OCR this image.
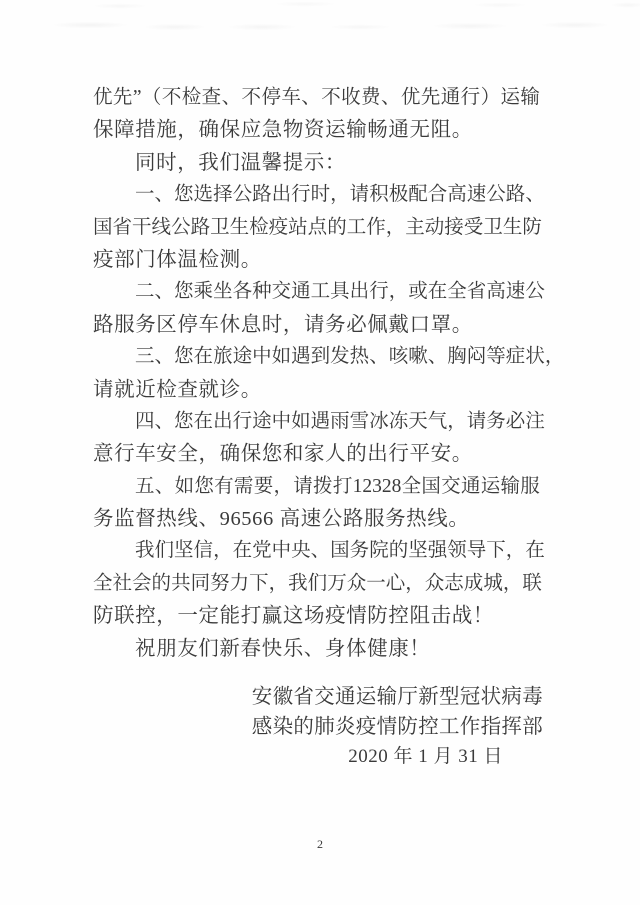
优 先 ” （ 不 检 查 、 不 停 车 、 不 收 费 、 优 先 通 行 ） 运 输
保障措施，确保应急物资运输畅通无阻。
同时，我们温馨提示：
一 、 您 选 择 公 路 出 行 时 ， 请 积 极 配 合 高 速 公 路 、
国 省 干 线 公 路 卫 生 检 疫 站 点 的 工 作 ， 主 动 接 受 卫 生 防
疫部门体温检测。
二 、 您 乘 坐 各 种 交 通 工 具 出 行 ， 或 在 全 省 高 速 公
路服务区停车休息时，请务必佩戴口罩。
三 、 您 在 旅 途 中 如 遇 到 发 热 、 咳 嗽 、 胸 闷 等 症 状 ，
请就近检查就诊。
四 、 您 在 出 行 途 中 如 遇 雨 雪 冰 冻 天 气 ， 请 务 必 注
意行车安全，确保您和家人的出行平安。
五 、 如 您 有 需 要 ， 请 拨 打 12328 全 国 交 通 运 输 服
务监督热线、96566 高速公路服务热线。
我 们 坚 信 ， 在 党 中 央 、 国 务 院 的 坚 强 领 导 下 ， 在
全 社 会 的 共 同 努 力 下 ， 我 们 万 众 一 心 ， 众 志 成 城 ， 联
防联控，一定能打赢这场疫情防控阻击战！
祝朋友们新春快乐、身体健康！
安徽省交通运输厅新型冠状病毒
感染的肺炎疫情防控工作指挥部
2020 年 1 月 31 日
2
